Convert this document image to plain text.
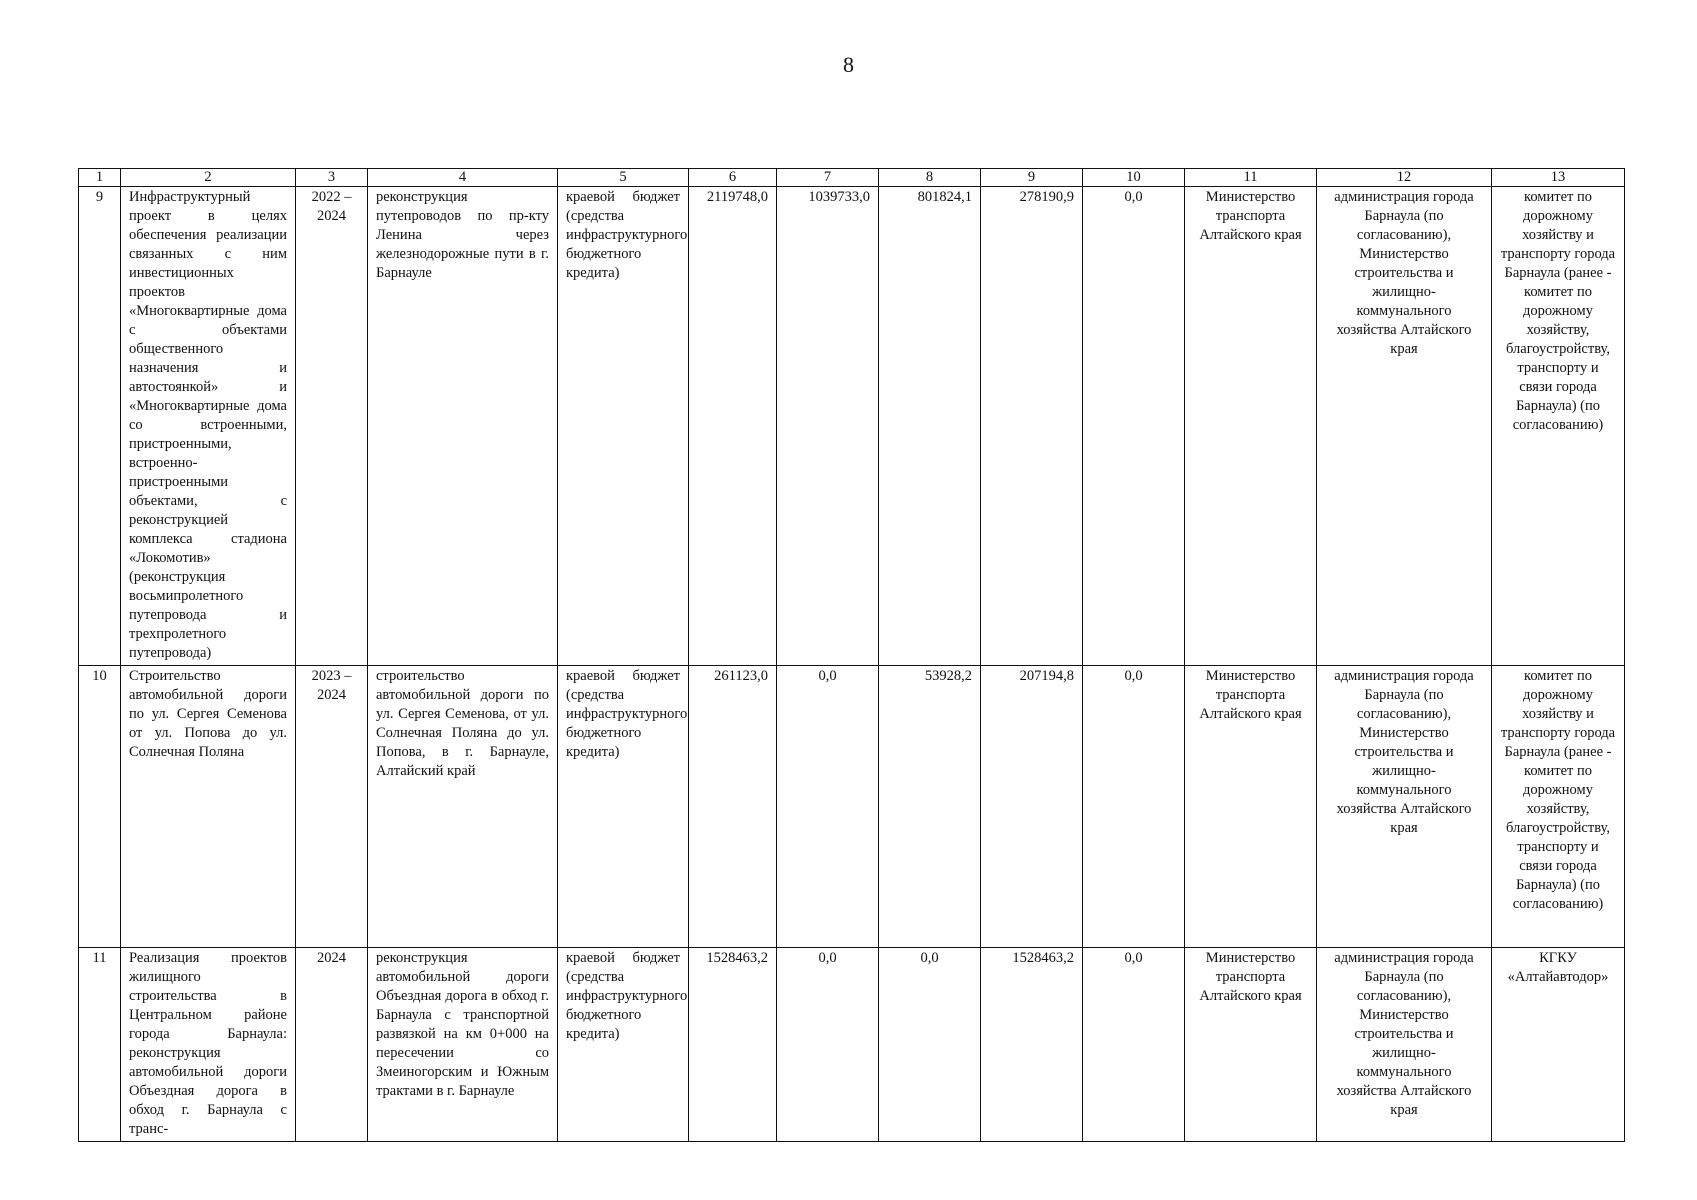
8
1	2	3	4	5	6	7	8	9	10	11	12	13
9	Инфраструктурный проект в целях обеспечения реализации связанных с ним инвестиционных проектов «Многоквартирные дома с объектами общественного назначения и автостоянкой» и «Многоквартирные дома со встроенными, пристроенными, встроенно-пристроенными объектами, с реконструкцией комплекса стадиона «Локомотив» (реконструкция восьмипролетного путепровода и трехпролетного путепровода)	2022 – 2024	реконструкция путепроводов по пр-кту Ленина через железнодорожные пути в г. Барнауле	краевой бюджет (средства инфраструктурного бюджетного кредита)	2119748,0	1039733,0	801824,1	278190,9	0,0	Министерство транспорта Алтайского края	администрация города Барнаула (по согласованию), Министерство строительства и жилищно-коммунального хозяйства Алтайского края	комитет по дорожному хозяйству и транспорту города Барнаула (ранее - комитет по дорожному хозяйству, благоустройству, транспорту и связи города Барнаула) (по согласованию)
10	Строительство автомобильной дороги по ул. Сергея Семенова от ул. Попова до ул. Солнечная Поляна	2023 – 2024	строительство автомобильной дороги по ул. Сергея Семенова, от ул. Солнечная Поляна до ул. Попова, в г. Барнауле, Алтайский край	краевой бюджет (средства инфраструктурного бюджетного кредита)	261123,0	0,0	53928,2	207194,8	0,0	Министерство транспорта Алтайского края	администрация города Барнаула (по согласованию), Министерство строительства и жилищно-коммунального хозяйства Алтайского края	комитет по дорожному хозяйству и транспорту города Барнаула (ранее - комитет по дорожному хозяйству, благоустройству, транспорту и связи города Барнаула) (по согласованию)
11	Реализация проектов жилищного строительства в Центральном районе города Барнаула: реконструкция автомобильной дороги Объездная дорога в обход г. Барнаула с транс-	2024	реконструкция автомобильной дороги Объездная дорога в обход г. Барнаула с транспортной развязкой на км 0+000 на пересечении со Змеиногорским и Южным трактами в г. Барнауле	краевой бюджет (средства инфраструктурного бюджетного кредита)	1528463,2	0,0	0,0	1528463,2	0,0	Министерство транспорта Алтайского края	администрация города Барнаула (по согласованию), Министерство строительства и жилищно-коммунального хозяйства Алтайского края	КГКУ «Алтайавтодор»
